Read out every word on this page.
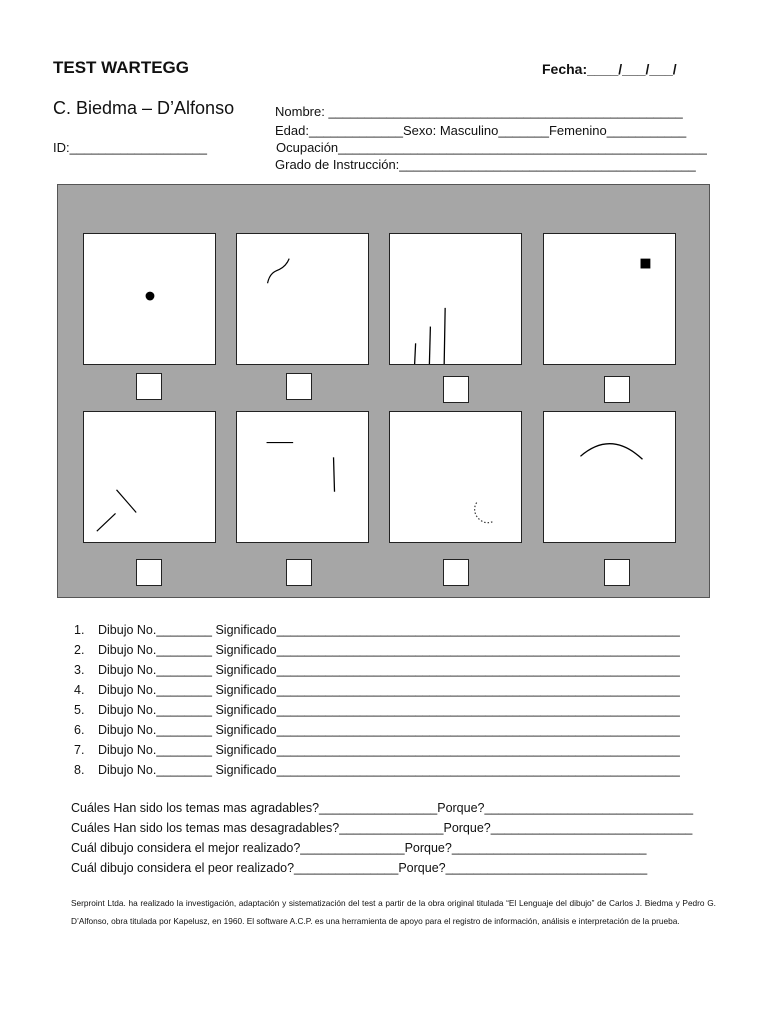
TEST WARTEGG	Fecha:____/___/___/
C. Biedma – D’Alfonso
ID:___________________
Nombre: _________________________________________________
Edad:_____________Sexo: Masculino_______Femenino___________
Ocupación___________________________________________________
Grado de Instrucción:_________________________________________
1.	Dibujo No.________
Significado__________________________________________________________
2.	Dibujo No.________
Significado__________________________________________________________
3.	Dibujo No.________
Significado__________________________________________________________
4.	Dibujo No.________
Significado__________________________________________________________
5.	Dibujo No.________
Significado__________________________________________________________
6.	Dibujo No.________
Significado__________________________________________________________
7.	Dibujo No.________
Significado__________________________________________________________
8.	Dibujo No.________
Significado__________________________________________________________
Cuáles Han sido los temas mas agradables?_________________Porque?______________________________
Cuáles Han sido los temas mas desagradables?_______________Porque?_____________________________
Cuál dibujo considera el mejor realizado?_______________Porque?____________________________
Cuál dibujo considera el peor realizado?_______________Porque?_____________________________
Serproint Ltda. ha realizado la investigación, adaptación y sistematización del test a partir de la obra original titulada “El Lenguaje del dibujo” de Carlos J. Biedma y Pedro G. D’Alfonso, obra titulada por Kapelusz, en 1960. El software A.C.P. es una herramienta de apoyo para el registro de información, análisis e interpretación de la prueba.
